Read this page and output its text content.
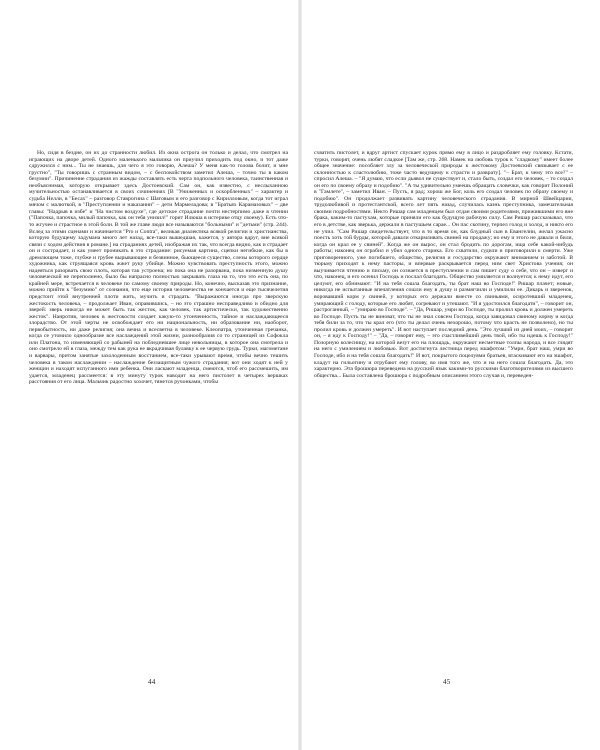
Но, сидя в бездне, он их до странности любил. Из окна острога он только и делал, что смотрел на играющих на дворе детей. Одного маленького мальчика он приучил приходить под окно, и тот даже сдружился с ним... Ты не знаешь, для чего я это говорю, Алеша? У меня как-то голова болит, и мне грустно", "Ты говоришь с странным видом, – с беспокойством заметил Алеша, – точно ты в каком безумии". Причинение страдания из жажды составлять есть черта подпольного человека, таинственная и необъяснимая, которую открывает здесь Достоевский. Сам он, как известно, с неслыханною мучительностью останавливается в своих сочинениях [В "Униженных и оскорбленных" – характер и судьба Нелли, в "Бесах" – разговор Ставрогина с Шатовым и его разговор с Кирилловым, когда тот играл мячом с малюткой, в "Преступлении и наказании" – дети Мармеладова; в "Братьях Карамазовых" – две главы: "Надрыв в избе" и "На чистом воздухе", где детское страдание почти нестерпимо даже в чтении ("Папочка, папочка, милый папочка, как он тебя унизил!" горит Илюша в истерике отцу своему). Есть что-то жгучее и страстное в этой боли. В той же главе люди все называются "больными" и "детьми" (стр. 244). Вслед за этими сценами и начинается "Pro и Contra", великая диалектика всякой религии и христианства, которую будущему задумана много лет назад, все-таки вышедшая, кажется, у автора вдруг, вне всякой связи с ходом действия в романе.] на страданиях детей, изображая их так, что всегда видно, как и страдает он и сострадает, и как умеет проникать в это страдание: рисуемая картина, сцепки негибкие, как бы в дремлющем тоже, глубже и грубее вырывающее и безвинное, бьющееся существо, слезы которого сердце художника, как струящаяся кровь жжет руку убийце. Можно чувствовать преступность этого, можно надеяться разорвать свою плоть, которая так устроена; но пока она не разорвана, пока низменную душу человеческой не переполнено, было бы напрасно полностью закрывать глаза на то, что это есть она, по крайней мере, встречается в человеке по самому своему природы. Но, конечно, высказав это признание, можно прийти к "безумию" от сознания, что еще история человечества не кончается и еще тысячелетия предстоит этой внутренней плоти жить, мучить и страдать. "Выражаются иногда про зверскую жестокость человека, – продолжает Иван, оправившись, – но это страшно несправедливо и обидно для зверей: зверь никогда не может быть так жесток, как человек, так артистически, так художественно жесток". Нанротив, человек в жестокости создает какую-то утонченность, тайное и наслаждающееся злорадство. От этой черты не освобождает его ни национальность, ни образование ни, наоборот, первобытность, ни даже религия; она вечна и всесветна в человеке. Клеопатра, утонченная гречанка, когда се утомило однообразие все наслаждений этой жизни, разнообразия со то страницей из Софокла или Платона, то изменяющей со рабыней на побледневшее лице невольницы, в которое она смотрела и оно смотрело ей в глаза, между тем как рука ее вкрадчивая булавку к ее червую грудь. Турки, магометане и варвары, притом занятые захолоденным восстанием, все-таки урывают время, чтобы вечно тешить человека в таком наслаждении – наслаждение беззащитным чужого страдания; вот они ходят к ней у женщин и находят испуганного ими ребенка. Они ласкают младенца, смеются, чтоб его рассмешить, им удается, младенец рассмеется: в эту минуту турок наводит на него пистолет в четырех вершках расстояния от его лица. Мальчик радостно хохочет, тянется ручонками, чтобы

44

схватить пистолет, и вдруг артист спускает курок прямо ему в лицо и раздробляет ему головку. Кстати, турки, говорят, очень любят сладкое [Там же, стр. 268. Намек на любовь турок к "сладкому" имеет более общее значение: пособляет злу за человеческой природы к жестокому Достоевский связывает с ее склонностью к сластолюбию, тоже часто ведущему к страсти и разврату]. "– Брат, к чему это все?" – спросил Алеша. – "Я думаю, что если дьявол не существует и, стало быть, создал его человек, – то создал он его по своему образу и подобию". "А ты удивительно умеешь обращать словечки, как говорит Полоний в "Гамлете", – заметил Иван. – Пусть, я рад; хорош же Бог, коль его создал человек по образу своему и подобию". Он продолжает развивать картину человеческого страдания. В мирной Швейцарии, трудолюбивой и протестантской, всего лет пять назад, случилась казнь преступника, замечательная своими подробностями. Некто Ришар сам младенцем был отдан своими родителями, прижившими его вне брака, каким-то пастухам, которые приняли его как будущую рабочую силу. Сам Ришар рассказывал, что его в детстве, как зверька, держали в пастушьем сарае... Он пас скотину, терпел голод и холод, и никто его не учил. "Сам Ришар свидетельствует, что в то время он, как блудный сын в Евангелии, желал ужасно поесть хоть той бурды, которой давали откармливать свиней на продажу; но ему и этого не давали и били, когда он крал ее у свиней". Когда же он вырос, он стал бродить по дорогам, ища себе какой-нибудь работы; наконец он ограбил и убил одного старика. Его схватили, судили и приговорили к смерти. Уже приговоренного, уже погибшего, общество, религия и государство окружают вниманием и заботой. В тюрьму приходят к нему пасторы, и впервые раскрывается перед ним свет Христова учения; он выучивается чтению и письму, он сознается в преступлении и сам пишет суду о себе, что он – изверг и что, наконец, и его осенил Господь и послал благодать. Общество умиляется и волнуется; к нему идут, его целуют, его обнимают: "И на тебя сошла благодать, ты брат наш во Господе!" Ришар плачет; новые, никогда не испытанные впечатления сошли ему в душу и размягчили и умилили ее. Дикарь и зверенок, воровавший корм у свиней, у которых его держали вместе со свиньями, осиротевший младенец, умирающий с голоду, которые его любят, согревают и утешают. "И я удостоился благодати", – говорит он, растроганный, – "умираю во Господе". – "Да, Ришар, умри во Господе, ты пролил кровь и должен умереть во Господе. Пусть ты не виноват, что ты не знал совсем Господа, когда завидовал свиному корму и когда тебя били за то, что ты крал его (что ты делал очень нехорошо, потому что красть не позволено), но ты пролил кровь и должен умереть". И вот наступает последний день. "Это лучший из дней моих, – говорит он, – я иду к Господу!" – "Да, – говорят ему, – это счастливейший день твой, ибо ты идешь к Господу!" Позорную колесницу, на которой везут его на площадь, окружают несметные толпы народа, и все глядят на него с умилением и любовью. Вот достигнута лестница перед эшафотом: "Умри, брат наш, умри во Господе, ибо и на тебя сошла благодать!" И вот, покрытого поцелуями братьев, втаскивают его на эшафот, кладут на гильотину и отрубают ему голову, во имя того же, что и на него сошла благодать. Да, это характерно. Эта брошюра переведена на русский язык какими-то русскими благотворителями из высшего общества... Была составлена брошюра с подробным описанием этого случая и, переведен-

45
